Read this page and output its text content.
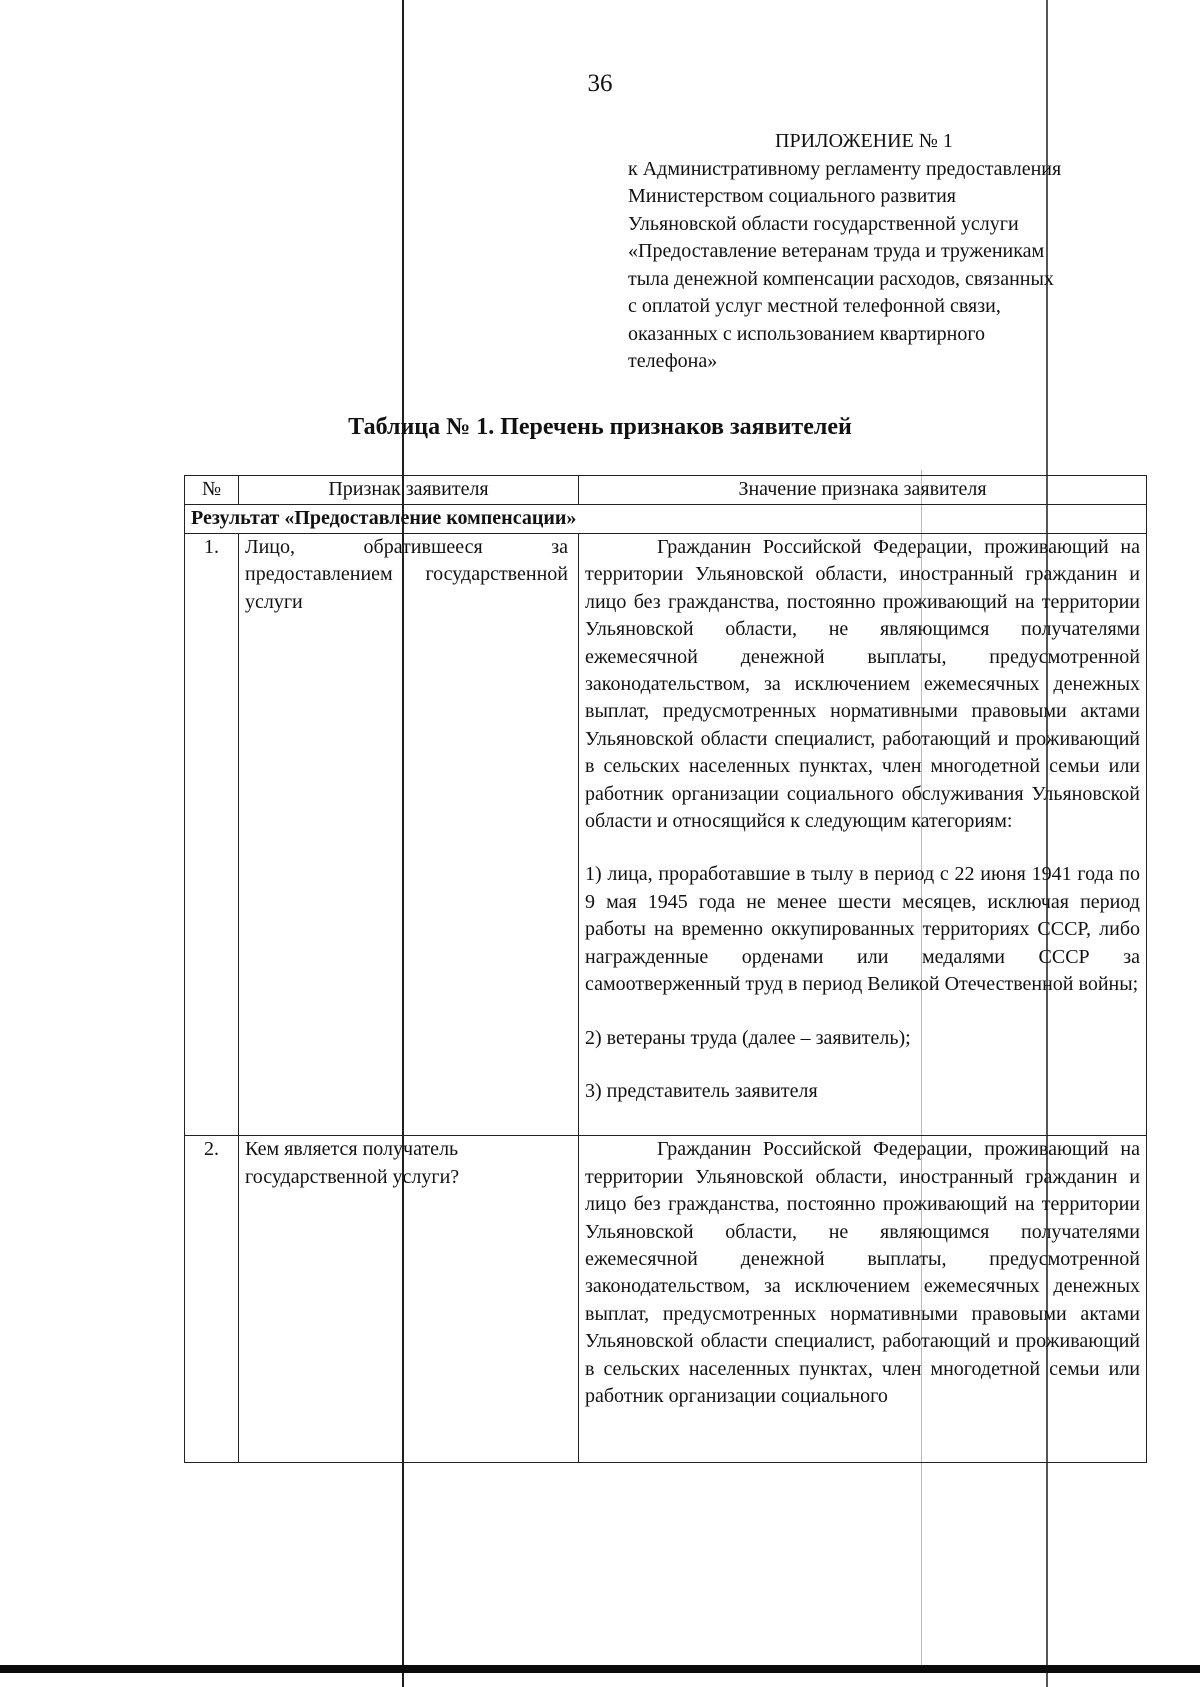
36
ПРИЛОЖЕНИЕ № 1
к Административному регламенту предоставления
Министерством социального развития
Ульяновской области государственной услуги
«Предоставление ветеранам труда и труженикам
тыла денежной компенсации расходов, связанных
с оплатой услуг местной телефонной связи,
оказанных с использованием квартирного
телефона»
Таблица № 1. Перечень признаков заявителей
№	Признак заявителя	Значение признака заявителя
Результат «Предоставление компенсации»		
1.	Лицо, обратившееся за предоставлением государственной услуги	Гражданин Российской Федерации, проживающий на территории Ульяновской области, иностранный гражданин и лицо без гражданства, постоянно проживающий на территории Ульяновской области, не являющимся получателями ежемесячной денежной выплаты, предусмотренной законодательством, за исключением ежемесячных денежных выплат, предусмотренных нормативными правовыми актами Ульяновской области специалист, работающий и проживающий в сельских населенных пунктах, член многодетной семьи или работник организации социального обслуживания Ульяновской области и относящийся к следующим категориям:

1) лица, проработавшие в тылу в период с 22 июня 1941 года по 9 мая 1945 года не менее шести месяцев, исключая период работы на временно оккупированных территориях СССР, либо награжденные орденами или медалями СССР за самоотверженный труд в период Великой Отечественной войны;

2) ветераны труда (далее – заявитель);

3) представитель заявителя

2.	Кем является получатель государственной услуги?	Гражданин Российской Федерации, проживающий на территории Ульяновской области, иностранный гражданин и лицо без гражданства, постоянно проживающий на территории Ульяновской области, не являющимся получателями ежемесячной денежной выплаты, предусмотренной законодательством, за исключением ежемесячных денежных выплат, предусмотренных нормативными правовыми актами Ульяновской области специалист, работающий и проживающий в сельских населенных пунктах, член многодетной семьи или работник организации социального
